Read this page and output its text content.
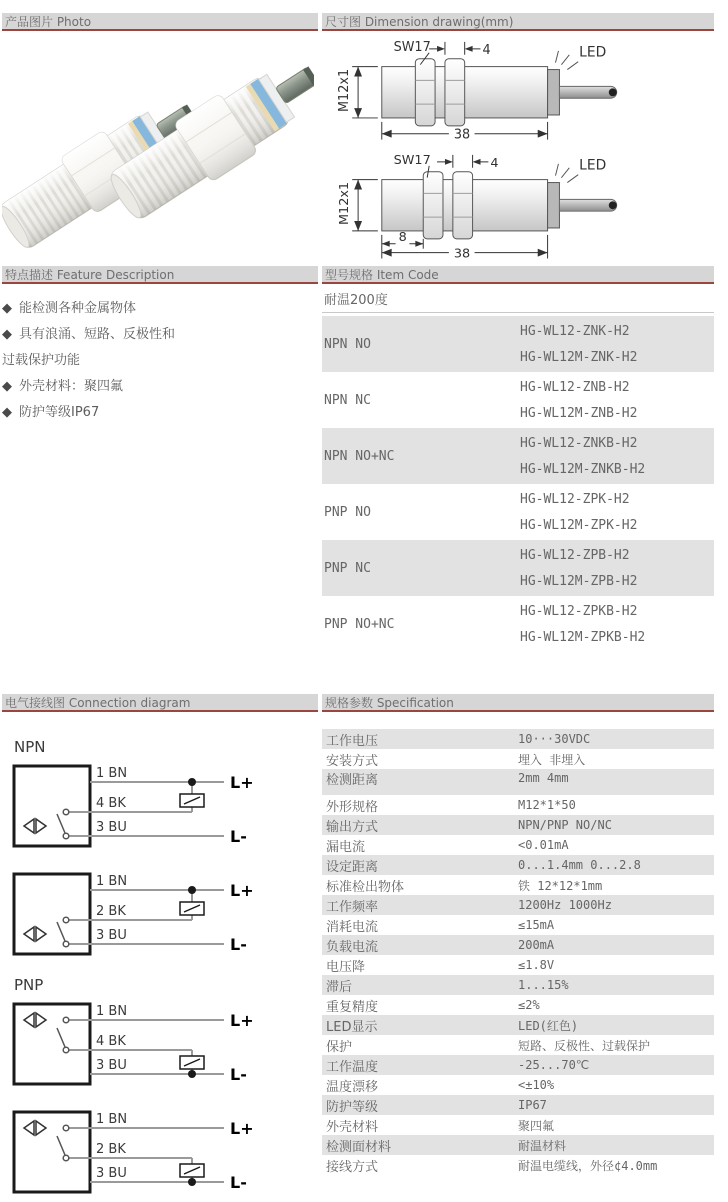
产品图片 Photo	尺寸图 Dimension drawing(mm)
LED
SW17	4
M12x1
38
LED
SW17	4
M12x1
8
38
特点描述 Feature Description	型号规格 Item Code
◆ 能检测各种金属物体
◆ 具有浪涌、短路、反极性和
过载保护功能
◆ 外壳材料：聚四氟
◆ 防护等级IP67
耐温200度
NPN NO
HG-WL12-ZNK-H2
HG-WL12M-ZNK-H2
NPN NC
HG-WL12-ZNB-H2
HG-WL12M-ZNB-H2
NPN NO+NC
HG-WL12-ZNKB-H2
HG-WL12M-ZNKB-H2
PNP NO
HG-WL12-ZPK-H2
HG-WL12M-ZPK-H2
PNP NC
HG-WL12-ZPB-H2
HG-WL12M-ZPB-H2
PNP NO+NC
HG-WL12-ZPKB-H2
HG-WL12M-ZPKB-H2
电气接线图 Connection diagram	规格参数 Specification
NPN
1 BN
4 BK
3 BU
L+
L-
1 BN
2 BK
3 BU
L+
L-
PNP
1 BN
4 BK
3 BU
L+
L-
1 BN
2 BK
3 BU
L+
L-
工作电压	10···30VDC
安装方式	埋入 非埋入
检测距离	2mm 4mm
外形规格	M12*1*50
输出方式	NPN/PNP NO/NC
漏电流	<0.01mA
设定距离	0...1.4mm 0...2.8
标准检出物体	铁 12*12*1mm
工作频率	1200Hz 1000Hz
消耗电流	≤15mA
负载电流	200mA
电压降	≤1.8V
滞后	1...15%
重复精度	≤2%
LED显示	LED(红色)
保护	短路、反极性、过载保护
工作温度	-25...70℃
温度漂移	<±10%
防护等级	IP67
外壳材料	聚四氟
检测面材料	耐温材料
接线方式	耐温电缆线，外径¢4.0mm
